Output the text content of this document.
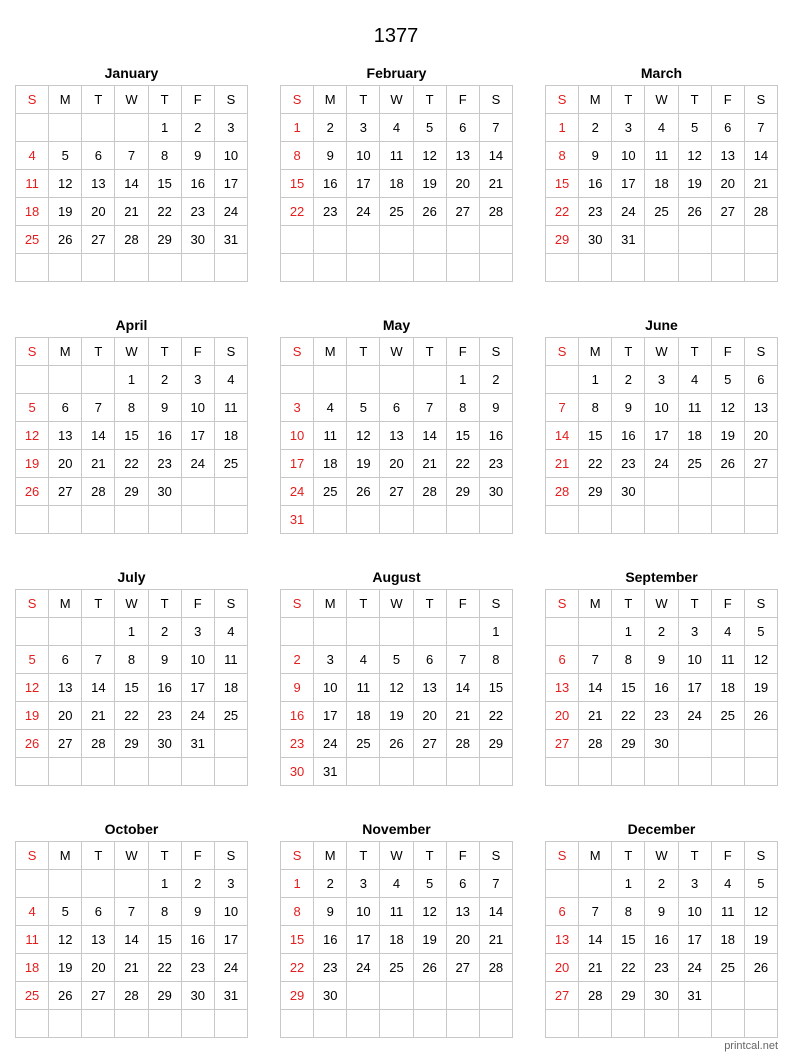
1377
January
S	M	T	W	T	F	S
				1	2	3
4	5	6	7	8	9	10
11	12	13	14	15	16	17
18	19	20	21	22	23	24
25	26	27	28	29	30	31

February
S	M	T	W	T	F	S
1	2	3	4	5	6	7
8	9	10	11	12	13	14
15	16	17	18	19	20	21
22	23	24	25	26	27	28

March
S	M	T	W	T	F	S
1	2	3	4	5	6	7
8	9	10	11	12	13	14
15	16	17	18	19	20	21
22	23	24	25	26	27	28
29	30	31				

April
S	M	T	W	T	F	S
			1	2	3	4
5	6	7	8	9	10	11
12	13	14	15	16	17	18
19	20	21	22	23	24	25
26	27	28	29	30		

May
S	M	T	W	T	F	S
					1	2
3	4	5	6	7	8	9
10	11	12	13	14	15	16
17	18	19	20	21	22	23
24	25	26	27	28	29	30
31						
June
S	M	T	W	T	F	S
	1	2	3	4	5	6
7	8	9	10	11	12	13
14	15	16	17	18	19	20
21	22	23	24	25	26	27
28	29	30				

July
S	M	T	W	T	F	S
			1	2	3	4
5	6	7	8	9	10	11
12	13	14	15	16	17	18
19	20	21	22	23	24	25
26	27	28	29	30	31	

August
S	M	T	W	T	F	S
						1
2	3	4	5	6	7	8
9	10	11	12	13	14	15
16	17	18	19	20	21	22
23	24	25	26	27	28	29
30	31					
September
S	M	T	W	T	F	S
		1	2	3	4	5
6	7	8	9	10	11	12
13	14	15	16	17	18	19
20	21	22	23	24	25	26
27	28	29	30			

October
S	M	T	W	T	F	S
				1	2	3
4	5	6	7	8	9	10
11	12	13	14	15	16	17
18	19	20	21	22	23	24
25	26	27	28	29	30	31

November
S	M	T	W	T	F	S
1	2	3	4	5	6	7
8	9	10	11	12	13	14
15	16	17	18	19	20	21
22	23	24	25	26	27	28
29	30					

December
S	M	T	W	T	F	S
		1	2	3	4	5
6	7	8	9	10	11	12
13	14	15	16	17	18	19
20	21	22	23	24	25	26
27	28	29	30	31		

printcal.net
